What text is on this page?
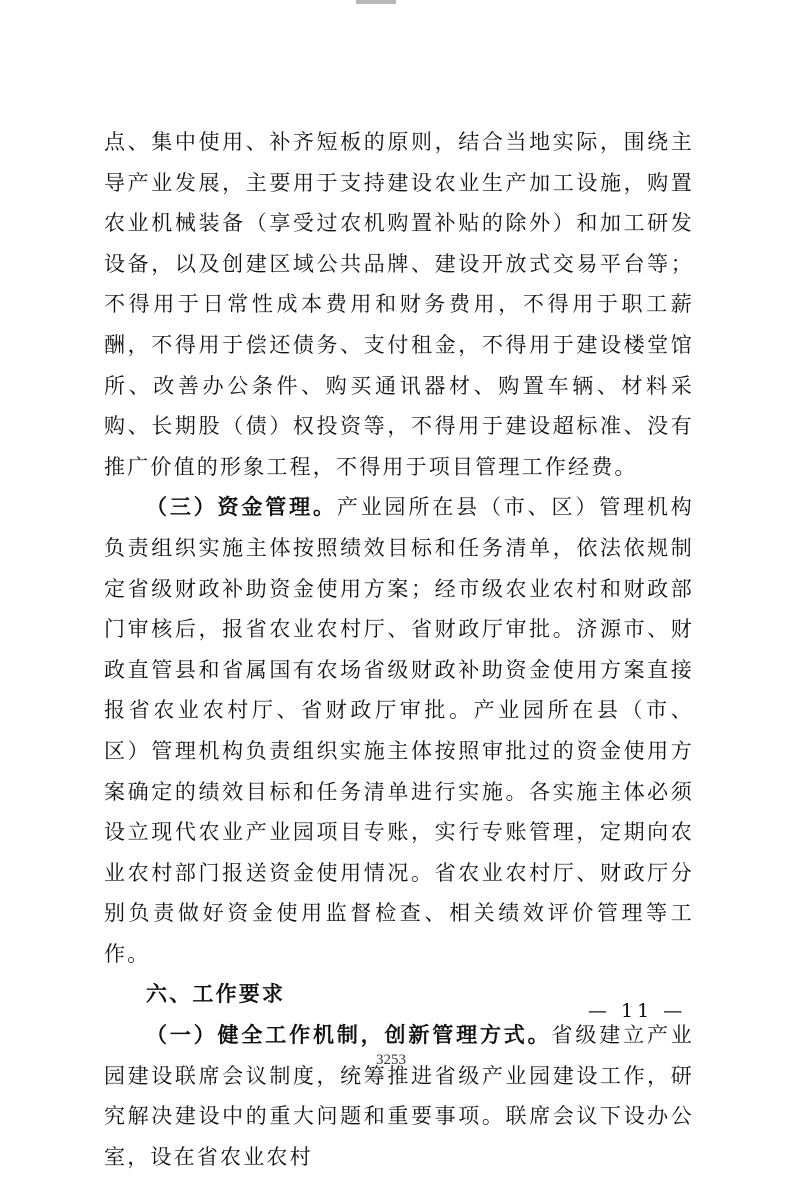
点、集中使用、补齐短板的原则，结合当地实际，围绕主导产业发展，主要用于支持建设农业生产加工设施，购置农业机械装备（享受过农机购置补贴的除外）和加工研发设备，以及创建区域公共品牌、建设开放式交易平台等；不得用于日常性成本费用和财务费用，不得用于职工薪酬，不得用于偿还债务、支付租金，不得用于建设楼堂馆所、改善办公条件、购买通讯器材、购置车辆、材料采购、长期股（债）权投资等，不得用于建设超标准、没有推广价值的形象工程，不得用于项目管理工作经费。

（三）资金管理。产业园所在县（市、区）管理机构负责组织实施主体按照绩效目标和任务清单，依法依规制定省级财政补助资金使用方案；经市级农业农村和财政部门审核后，报省农业农村厅、省财政厅审批。济源市、财政直管县和省属国有农场省级财政补助资金使用方案直接报省农业农村厅、省财政厅审批。产业园所在县（市、区）管理机构负责组织实施主体按照审批过的资金使用方案确定的绩效目标和任务清单进行实施。各实施主体必须设立现代农业产业园项目专账，实行专账管理，定期向农业农村部门报送资金使用情况。省农业农村厅、财政厅分别负责做好资金使用监督检查、相关绩效评价管理等工作。

六、工作要求

（一）健全工作机制，创新管理方式。省级建立产业园建设联席会议制度，统筹推进省级产业园建设工作，研究解决建设中的重大问题和重要事项。联席会议下设办公室，设在省农业农村

— 11 —
3253
